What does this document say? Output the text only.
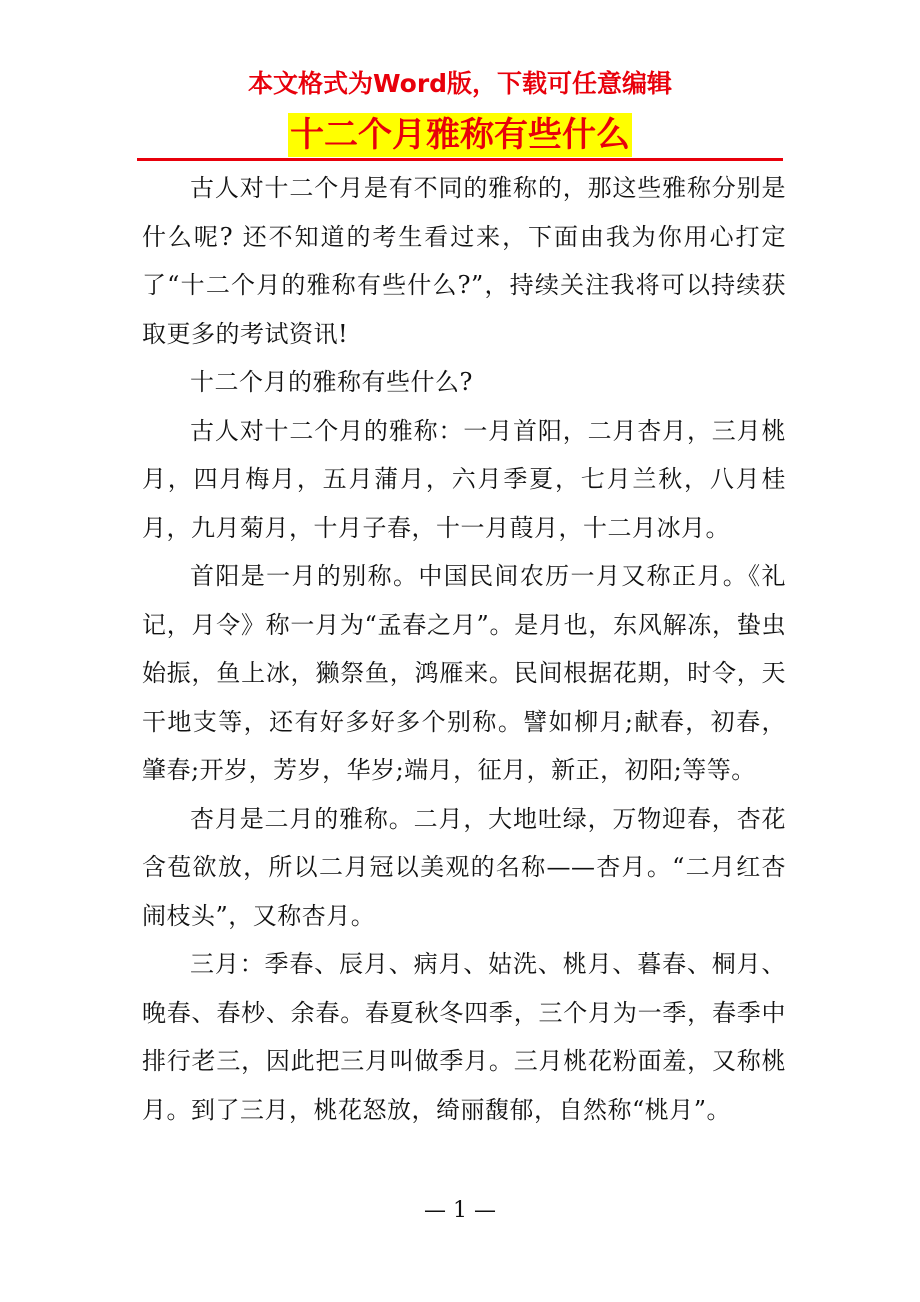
本文格式为Word版，下载可任意编辑
十二个月雅称有些什么

古人对十二个月是有不同的雅称的，那这些雅称分别是什么呢? 还不知道的考生看过来，下面由我为你用心打定了“十二个月的雅称有些什么?”，持续关注我将可以持续获取更多的考试资讯!

十二个月的雅称有些什么?

古人对十二个月的雅称：一月首阳，二月杏月，三月桃月，四月梅月，五月蒲月，六月季夏，七月兰秋，八月桂月，九月菊月，十月子春，十一月葭月，十二月冰月。

首阳是一月的别称。中国民间农历一月又称正月。《礼记，月令》称一月为“孟春之月”。是月也，东风解冻，蛰虫始振，鱼上冰，獭祭鱼，鸿雁来。民间根据花期，时令，天干地支等，还有好多好多个别称。譬如柳月;献春，初春，肇春;开岁，芳岁，华岁;端月，征月，新正，初阳;等等。

杏月是二月的雅称。二月，大地吐绿，万物迎春，杏花含苞欲放，所以二月冠以美观的名称——杏月。“二月红杏闹枝头”，又称杏月。

三月：季春、辰月、病月、姑洗、桃月、暮春、桐月、晚春、春杪、余春。春夏秋冬四季，三个月为一季，春季中排行老三，因此把三月叫做季月。三月桃花粉面羞，又称桃月。到了三月，桃花怒放，绮丽馥郁，自然称“桃月”。

— 1 —
